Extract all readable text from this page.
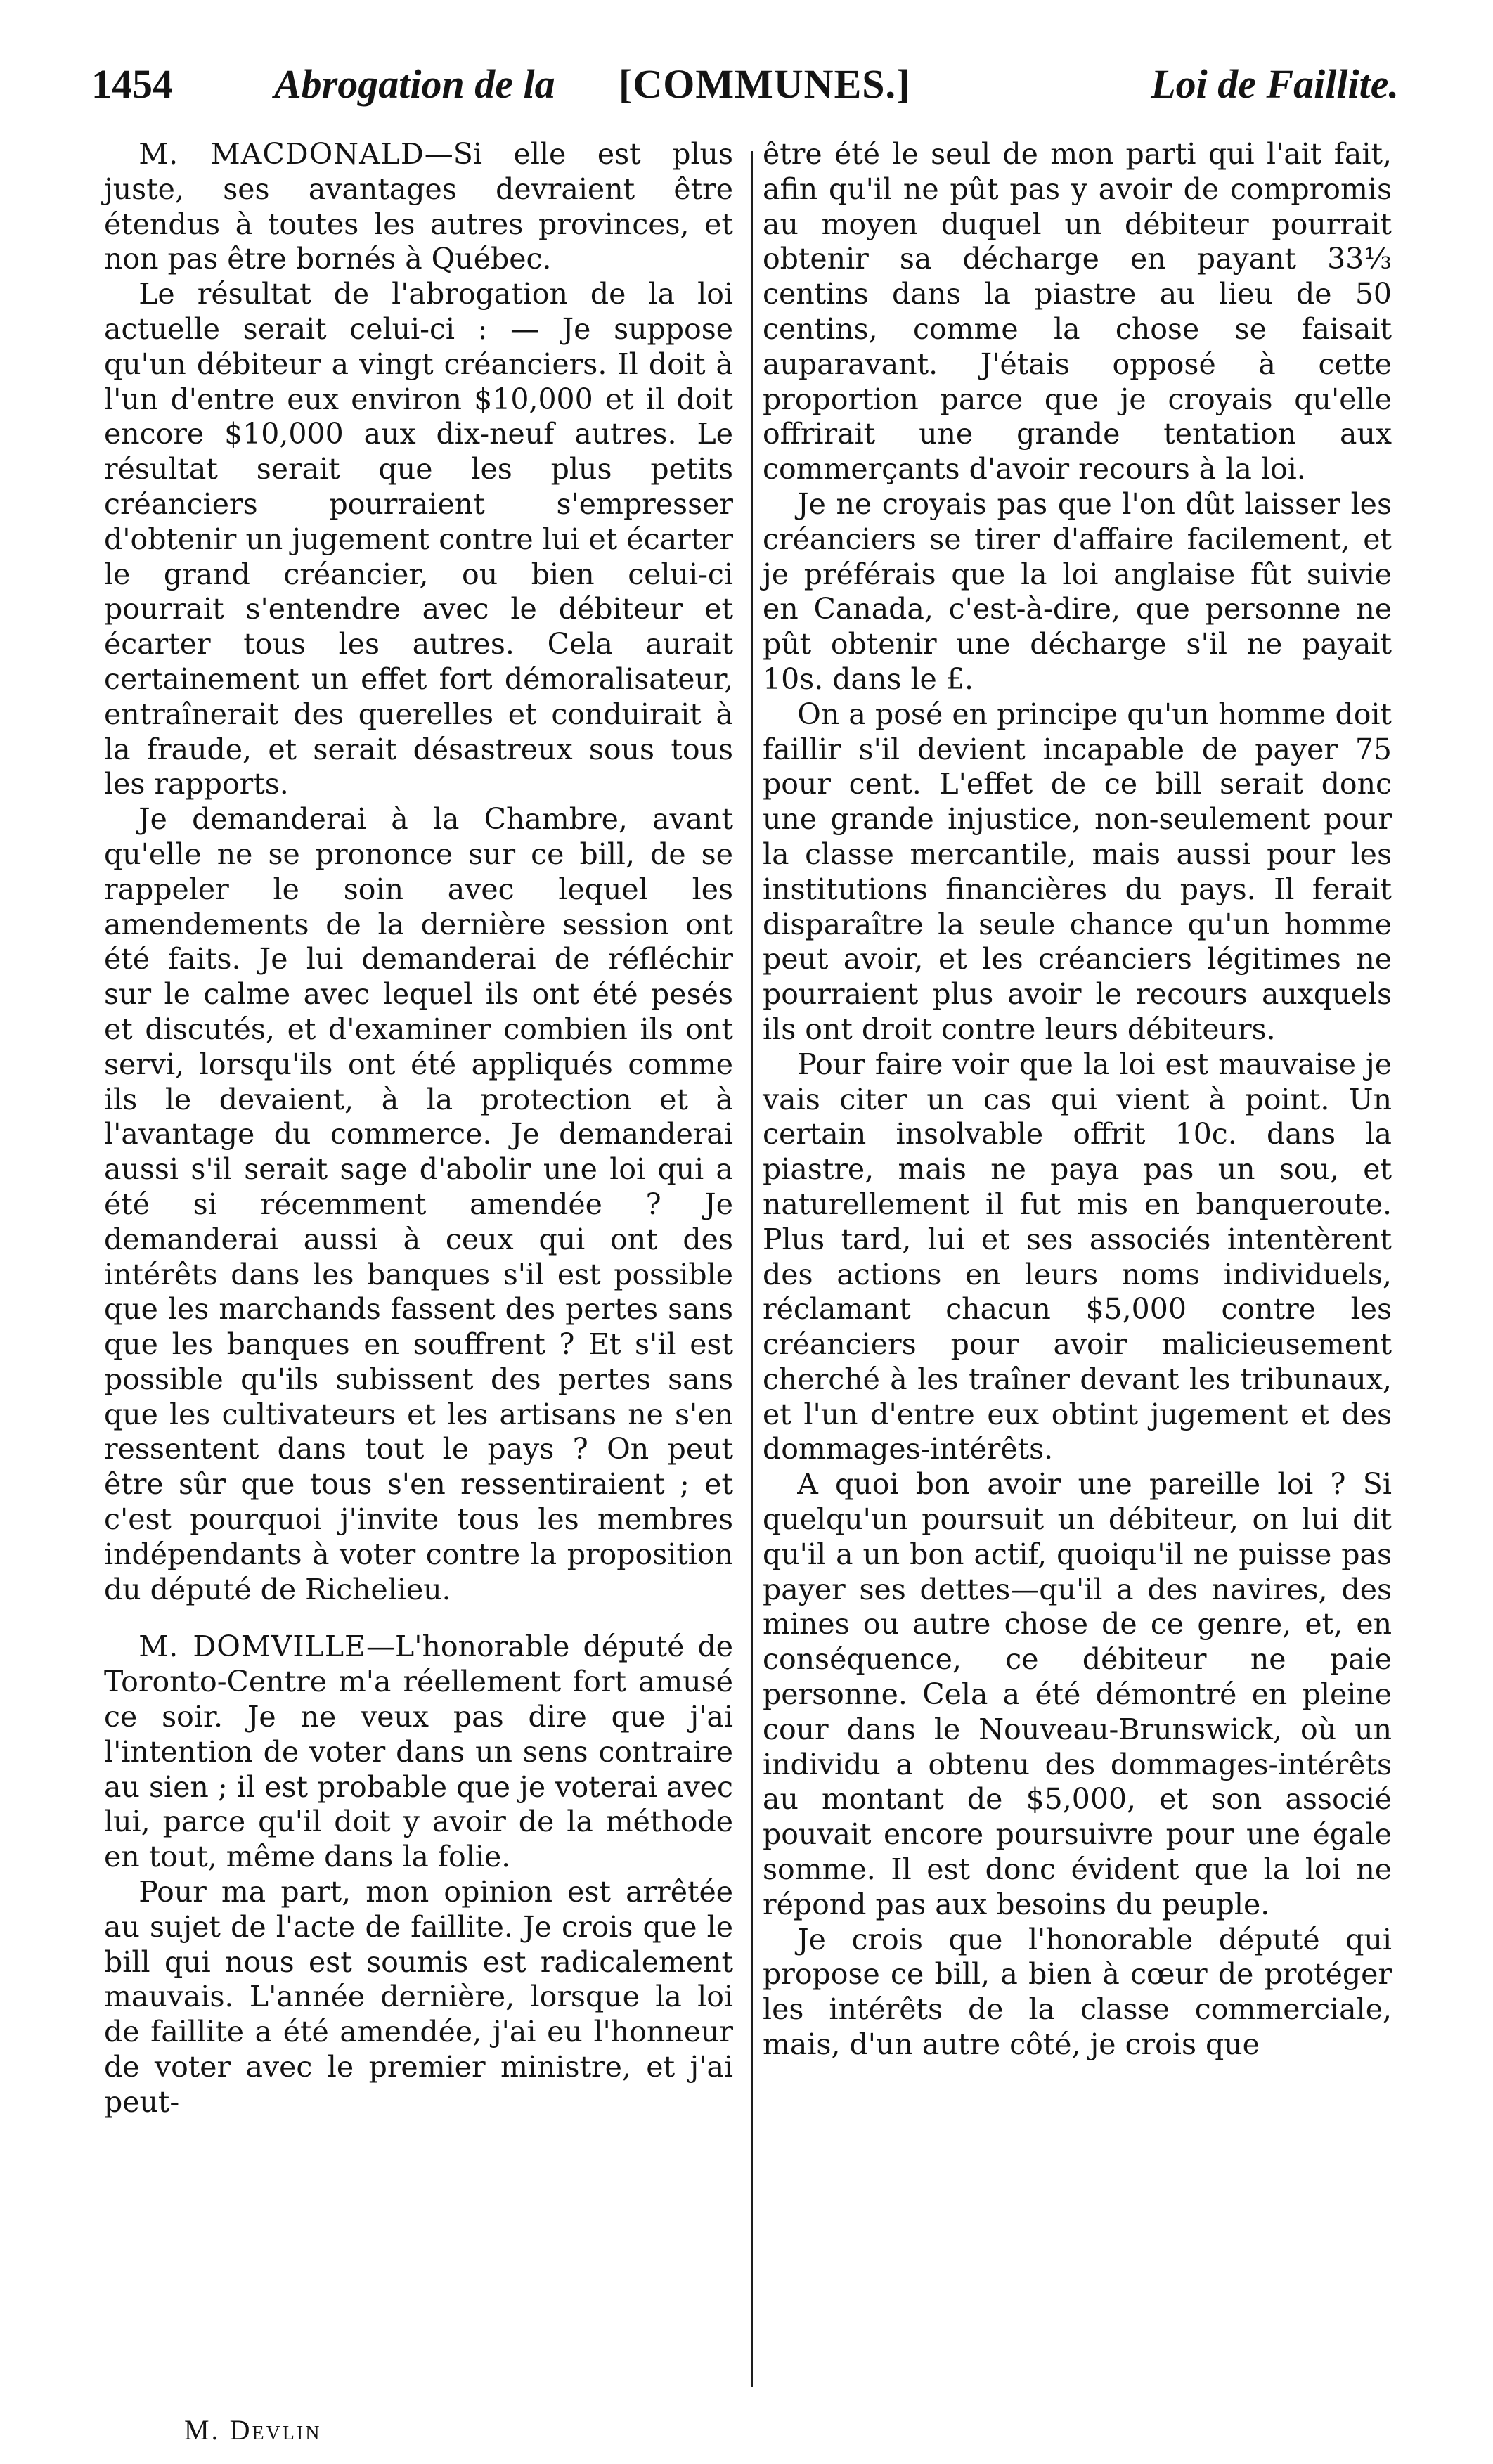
1454 Abrogation de la [COMMUNES.]	Loi de Faillite.

M. MACDONALD—Si elle est plus juste, ses avantages devraient être étendus à toutes les autres provinces, et non pas être bornés à Québec.

Le résultat de l'abrogation de la loi actuelle serait celui-ci : — Je suppose qu'un débiteur a vingt créanciers. Il doit à l'un d'entre eux environ $10,000 et il doit encore $10,000 aux dix-neuf autres. Le résultat serait que les plus petits créanciers pourraient s'empresser d'obtenir un jugement contre lui et écarter le grand créancier, ou bien celui-ci pourrait s'entendre avec le débiteur et écarter tous les autres. Cela aurait certainement un effet fort démoralisateur, entraînerait des querelles et conduirait à la fraude, et serait désastreux sous tous les rapports.

Je demanderai à la Chambre, avant qu'elle ne se prononce sur ce bill, de se rappeler le soin avec lequel les amendements de la dernière session ont été faits. Je lui demanderai de réfléchir sur le calme avec lequel ils ont été pesés et discutés, et d'examiner combien ils ont servi, lorsqu'ils ont été appliqués comme ils le devaient, à la protection et à l'avantage du commerce. Je demanderai aussi s'il serait sage d'abolir une loi qui a été si récemment amendée ? Je demanderai aussi à ceux qui ont des intérêts dans les banques s'il est possible que les marchands fassent des pertes sans que les banques en souffrent ? Et s'il est possible qu'ils subissent des pertes sans que les cultivateurs et les artisans ne s'en ressentent dans tout le pays ? On peut être sûr que tous s'en ressentiraient ; et c'est pourquoi j'invite tous les membres indépendants à voter contre la proposition du député de Richelieu.

M. DOMVILLE—L'honorable député de Toronto-Centre m'a réellement fort amusé ce soir. Je ne veux pas dire que j'ai l'intention de voter dans un sens contraire au sien ; il est probable que je voterai avec lui, parce qu'il doit y avoir de la méthode en tout, même dans la folie.

Pour ma part, mon opinion est arrêtée au sujet de l'acte de faillite. Je crois que le bill qui nous est soumis est radicalement mauvais. L'année dernière, lorsque la loi de faillite a été amendée, j'ai eu l'honneur de voter avec le premier ministre, et j'ai peut-

être été le seul de mon parti qui l'ait fait, afin qu'il ne pût pas y avoir de compromis au moyen duquel un débiteur pourrait obtenir sa décharge en payant 33⅓ centins dans la piastre au lieu de 50 centins, comme la chose se faisait auparavant. J'étais opposé à cette proportion parce que je croyais qu'elle offrirait une grande tentation aux commerçants d'avoir recours à la loi.

Je ne croyais pas que l'on dût laisser les créanciers se tirer d'affaire facilement, et je préférais que la loi anglaise fût suivie en Canada, c'est-à-dire, que personne ne pût obtenir une décharge s'il ne payait 10s. dans le £.

On a posé en principe qu'un homme doit faillir s'il devient incapable de payer 75 pour cent. L'effet de ce bill serait donc une grande injustice, non-seulement pour la classe mercantile, mais aussi pour les institutions financières du pays. Il ferait disparaître la seule chance qu'un homme peut avoir, et les créanciers légitimes ne pourraient plus avoir le recours auxquels ils ont droit contre leurs débiteurs.

Pour faire voir que la loi est mauvaise je vais citer un cas qui vient à point. Un certain insolvable offrit 10c. dans la piastre, mais ne paya pas un sou, et naturellement il fut mis en banqueroute. Plus tard, lui et ses associés intentèrent des actions en leurs noms individuels, réclamant chacun $5,000 contre les créanciers pour avoir malicieusement cherché à les traîner devant les tribunaux, et l'un d'entre eux obtint jugement et des dommages-intérêts.

A quoi bon avoir une pareille loi ? Si quelqu'un poursuit un débiteur, on lui dit qu'il a un bon actif, quoiqu'il ne puisse pas payer ses dettes—qu'il a des navires, des mines ou autre chose de ce genre, et, en conséquence, ce débiteur ne paie personne. Cela a été démontré en pleine cour dans le Nouveau-Brunswick, où un individu a obtenu des dommages-intérêts au montant de $5,000, et son associé pouvait encore poursuivre pour une égale somme. Il est donc évident que la loi ne répond pas aux besoins du peuple.

Je crois que l'honorable député qui propose ce bill, a bien à cœur de protéger les intérêts de la classe commerciale, mais, d'un autre côté, je crois que

M. Devlin
